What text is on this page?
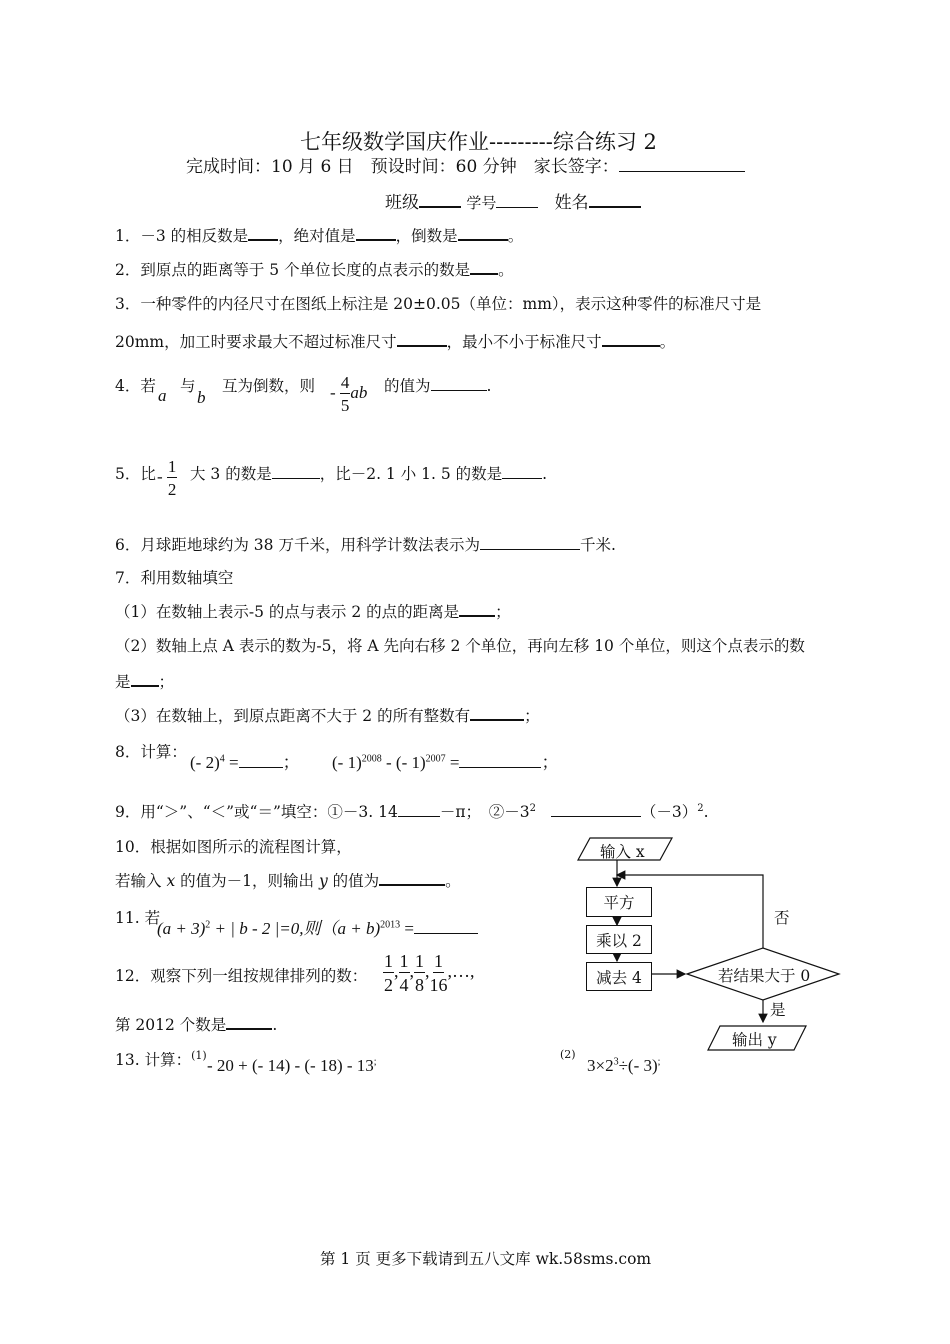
七年级数学国庆作业---------综合练习 2
完成时间：10 月 6 日　预设时间：60 分钟　家长签字：
班级	学号	姓名
1．－3 的相反数是 ，绝对值是	，倒数是	。
2．到原点的距离等于 5 个单位长度的点表示的数是 。
3．一种零件的内径尺寸在图纸上标注是 20±0.05（单位：mm），表示这种零件的标准尺寸是
20mm，加工时要求最大不超过标准尺寸	，最小不小于标准尺寸	。
4．若 a 与
b
互为倒数，则 - $\frac{4}{5}$ ab 的值为	.
5．比 - $\frac{1}{2}$ 大 3 的数是	，比－2. 1 小 1. 5 的数是	.
6．月球距地球约为 38 万千米，用科学计数法表示为	千米.
7．利用数轴填空
（1）在数轴上表示-5 的点与表示 2 的点的距离是 ；
（2）数轴上点 A 表示的数为-5，将 A 先向右移 2 个单位，再向左移 10 个单位，则这个点表示的数
是 ；
（3）在数轴上，到原点距离不大于 2 的所有整数有	；
8．计算：
(- 2)$^4$ =	； (- 1)$^{2008}$ - (- 1)$^{2007}$ =	；
9．用“＞”、“＜”或“＝”填空：①－3. 14	－π；　$②-3^2$	$(-3)^2$.
10．根据如图所示的流程图计算，
若输入 x 的值为－1，则输出 y 的值为	。
11. 若
$(a + 3)^2$ + | b - 2 |=0,则（a + b)$^{2013}$ =
12．观察下列一组按规律排列的数： $\frac{1}{2}$ , $\frac{1}{4}$ , $\frac{1}{8}$ , $\frac{1}{16}$ ,…,
第 2012 个数是	.
13. 计算：$^{(1)}$
- 20 + (- 14) - (- 18) - 13;
$^{(2)}$
$3\times 2^3\div(-$ 3);
输入 x
平方
乘以 2
减去 4	若结果大于 0
否
是
输出 y
第 1 页 更多下载请到五八文库 wk.58sms.com
